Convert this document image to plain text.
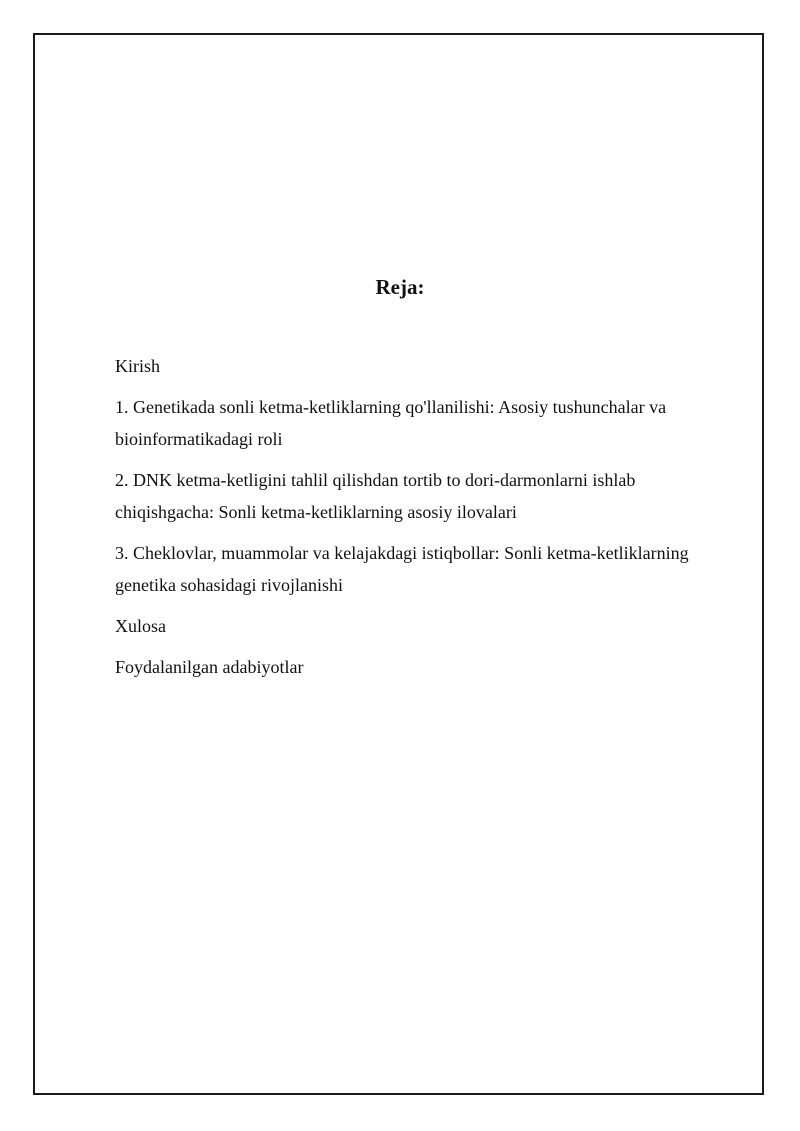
Reja:
Kirish
1. Genetikada sonli ketma-ketliklarning qo'llanilishi: Asosiy tushunchalar va bioinformatikadagi roli
2. DNK ketma-ketligini tahlil qilishdan tortib to dori-darmonlarni ishlab chiqishgacha: Sonli ketma-ketliklarning asosiy ilovalari
3. Cheklovlar, muammolar va kelajakdagi istiqbollar: Sonli ketma-ketliklarning genetika sohasidagi rivojlanishi
Xulosa
Foydalanilgan adabiyotlar
